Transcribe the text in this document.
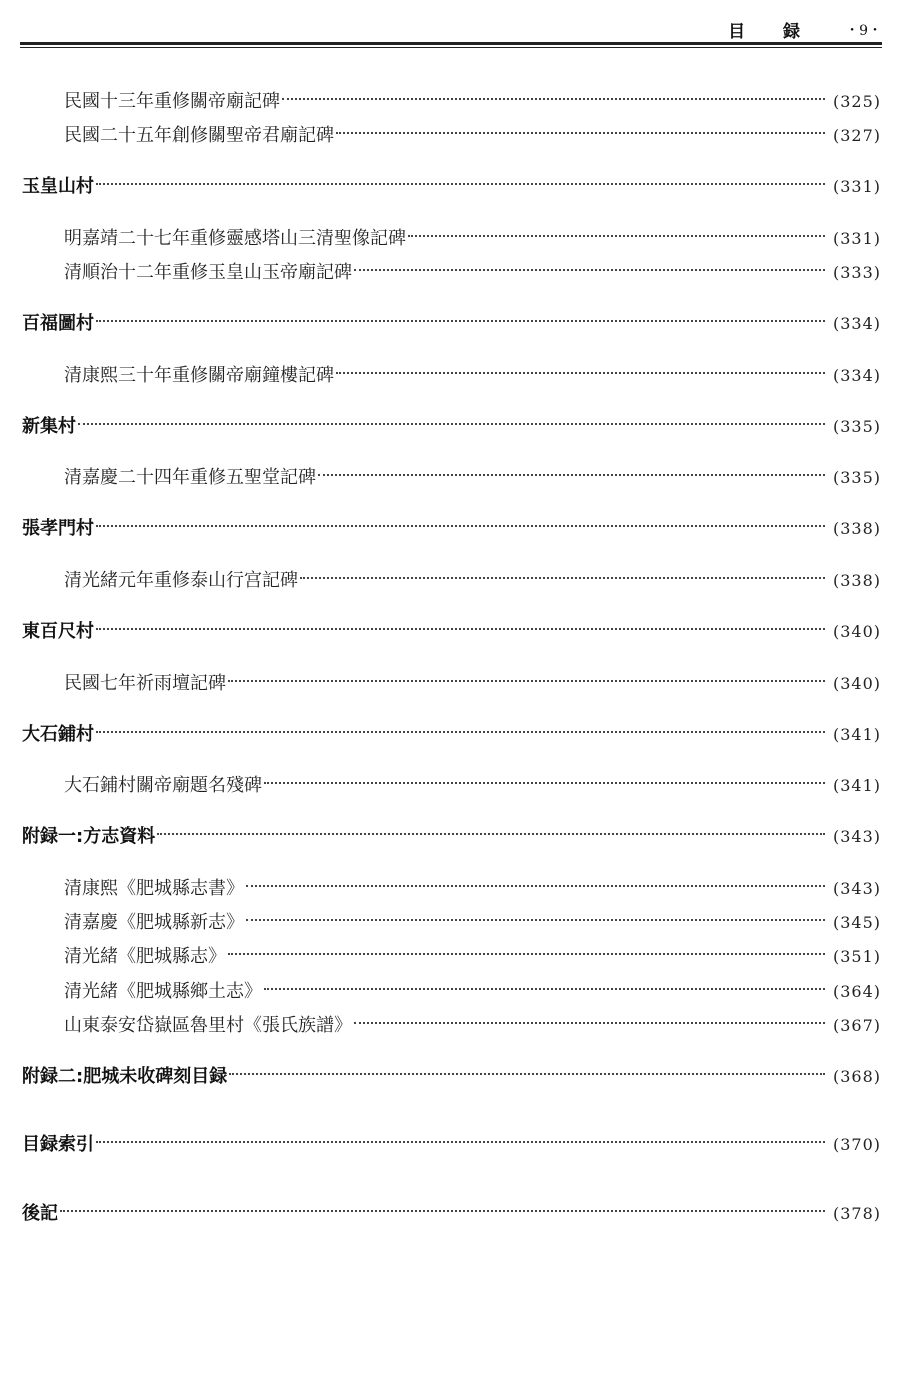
目 録 ・9・
民國十三年重修關帝廟記碑	(325)
民國二十五年創修關聖帝君廟記碑	(327)
玉皇山村	(331)
明嘉靖二十七年重修靈感塔山三清聖像記碑	(331)
清順治十二年重修玉皇山玉帝廟記碑	(333)
百福圖村	(334)
清康熙三十年重修關帝廟鐘樓記碑	(334)
新集村	(335)
清嘉慶二十四年重修五聖堂記碑	(335)
張孝門村	(338)
清光緒元年重修泰山行宫記碑	(338)
東百尺村	(340)
民國七年祈雨壇記碑	(340)
大石鋪村	(341)
大石鋪村關帝廟題名殘碑	(341)
附録一:方志資料	(343)
清康熙《肥城縣志書》	(343)
清嘉慶《肥城縣新志》	(345)
清光緒《肥城縣志》	(351)
清光緒《肥城縣鄉土志》	(364)
山東泰安岱嶽區魯里村《張氏族譜》	(367)
附録二:肥城未收碑刻目録	(368)
目録索引	(370)
後記	(378)
